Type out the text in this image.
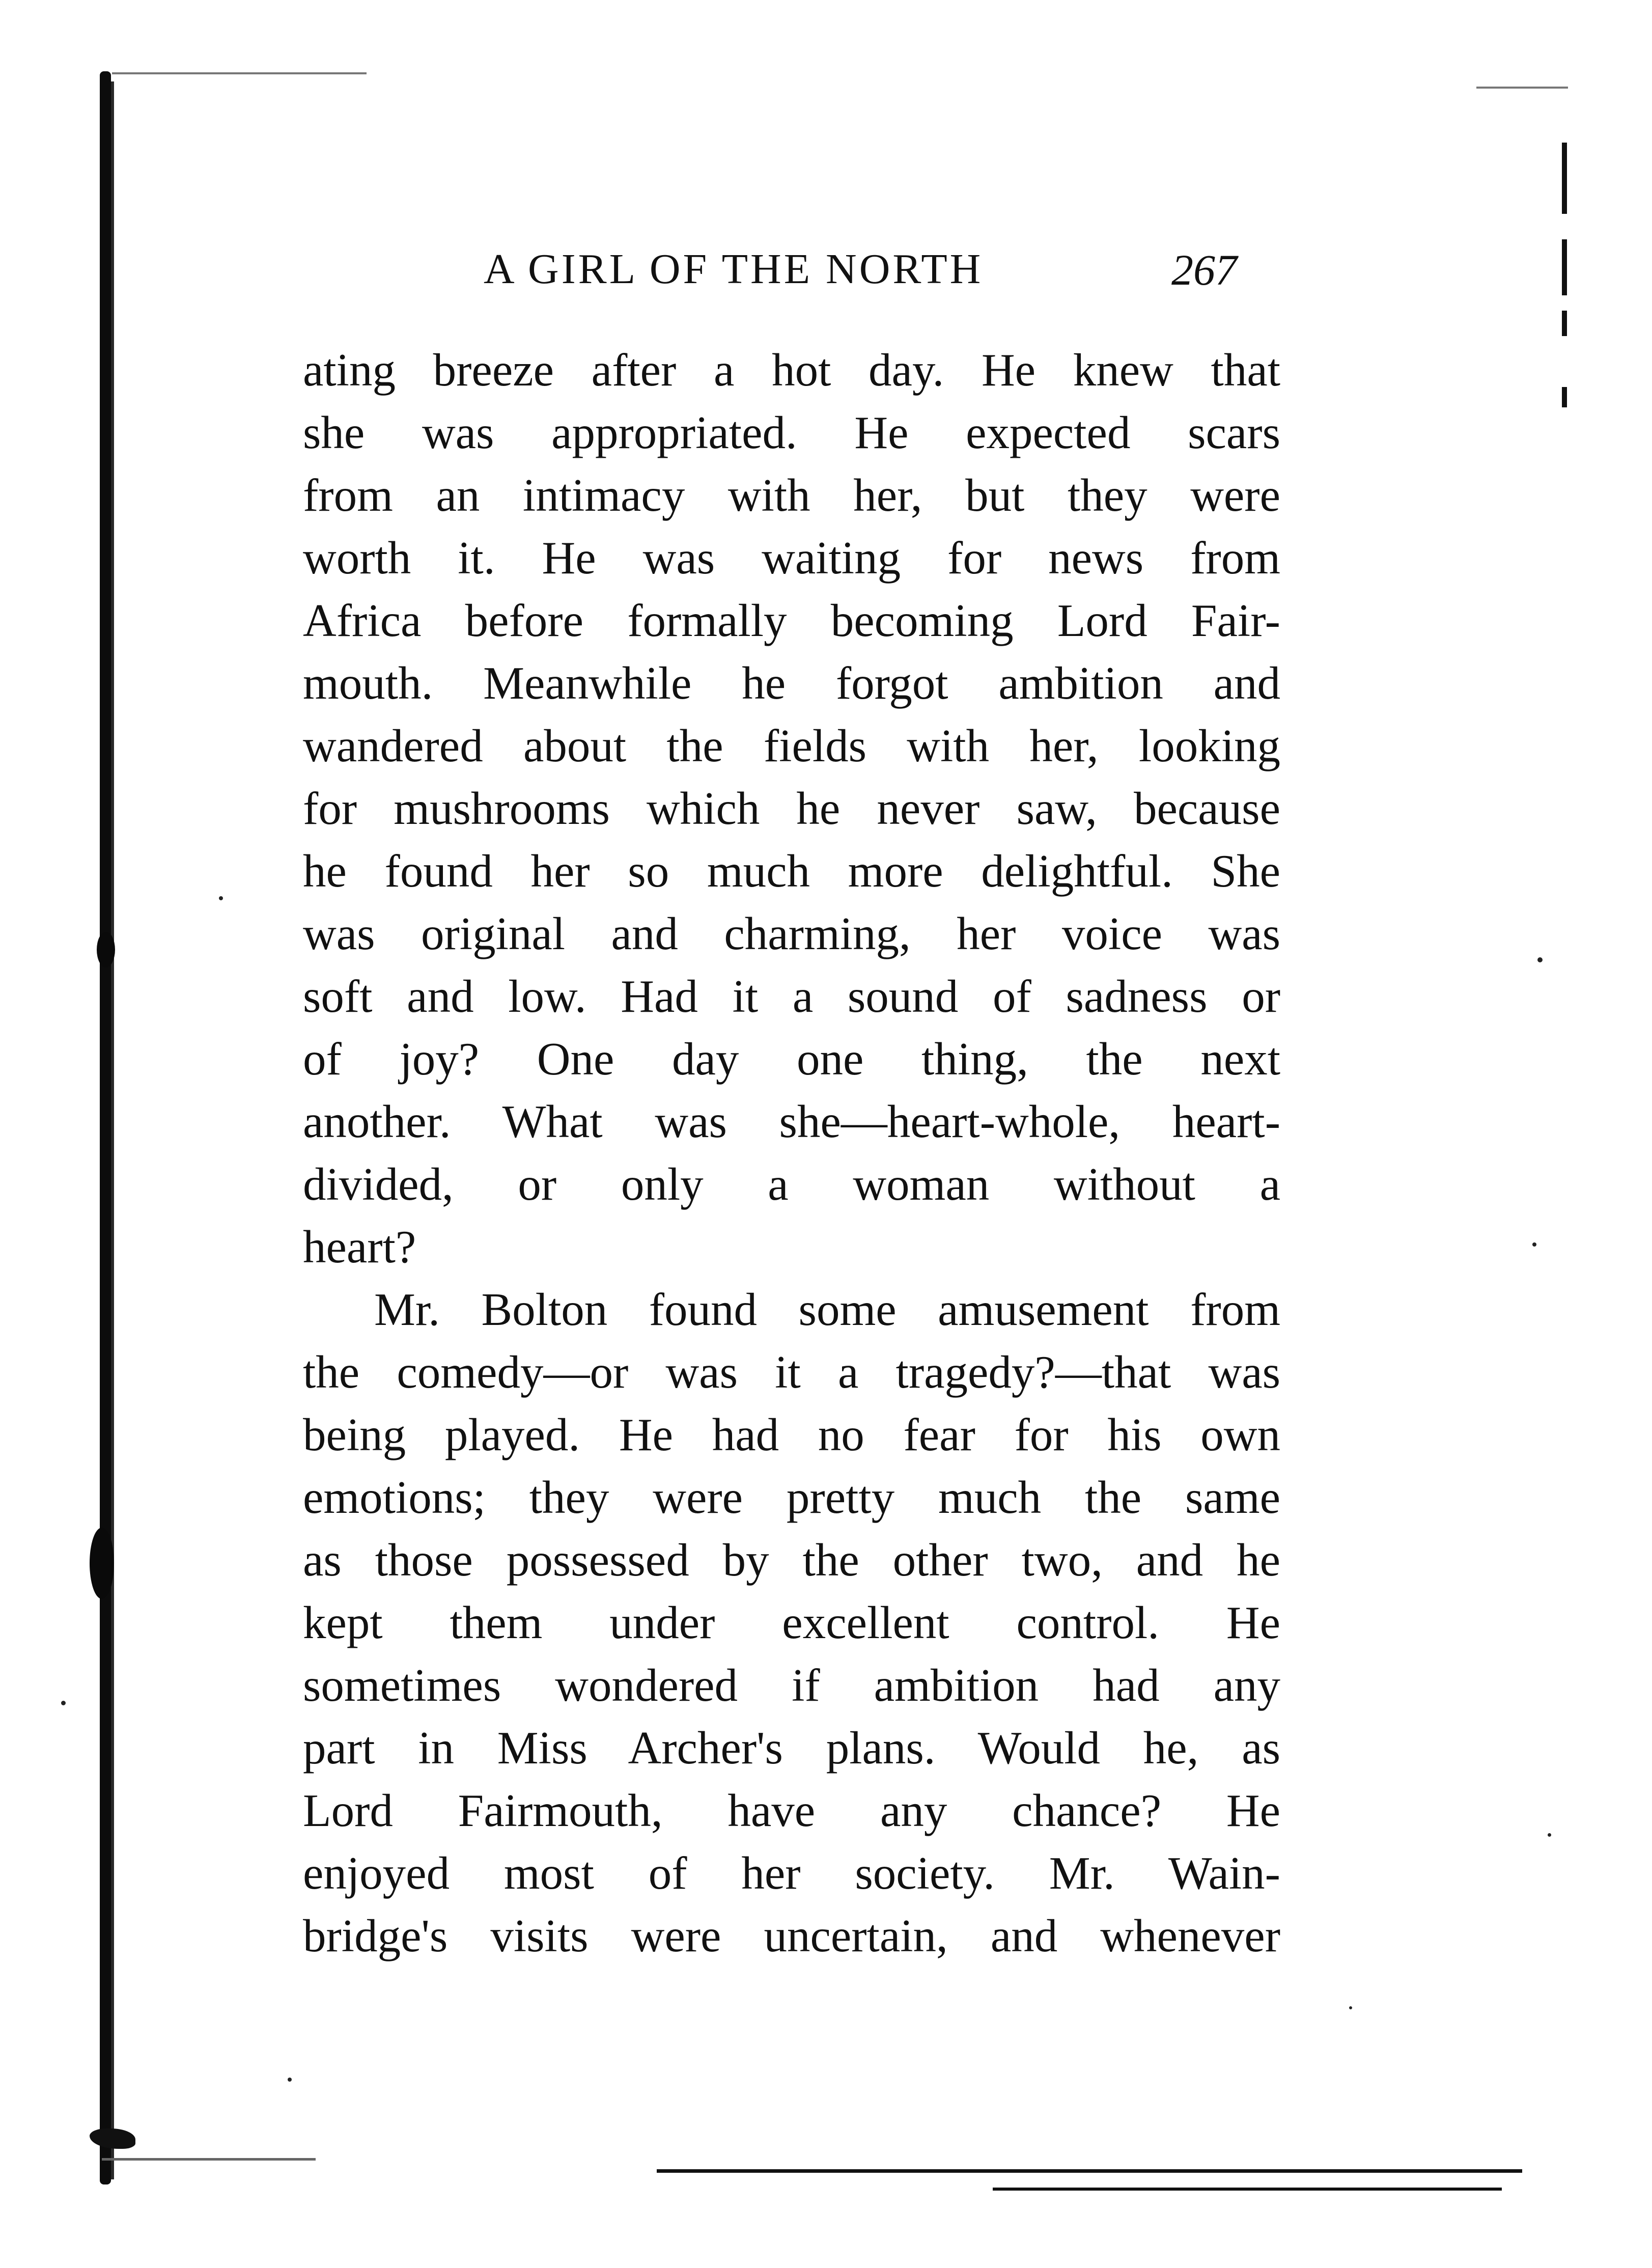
A GIRL OF THE NORTH	267
ating breeze after a hot day. He knew that
she was appropriated. He expected scars
from an intimacy with her, but they were
worth it. He was waiting for news from
Africa before formally becoming Lord Fair-
mouth. Meanwhile he forgot ambition and
wandered about the fields with her, looking
for mushrooms which he never saw, because
he found her so much more delightful. She
was original and charming, her voice was
soft and low. Had it a sound of sadness or
of joy? One day one thing, the next
another. What was she—heart-whole, heart-
divided, or only a woman without a
heart?
Mr. Bolton found some amusement from
the comedy—or was it a tragedy?—that was
being played. He had no fear for his own
emotions; they were pretty much the same
as those possessed by the other two, and he
kept them under excellent control. He
sometimes wondered if ambition had any
part in Miss Archer's plans. Would he, as
Lord Fairmouth, have any chance? He
enjoyed most of her society. Mr. Wain-
bridge's visits were uncertain, and whenever
